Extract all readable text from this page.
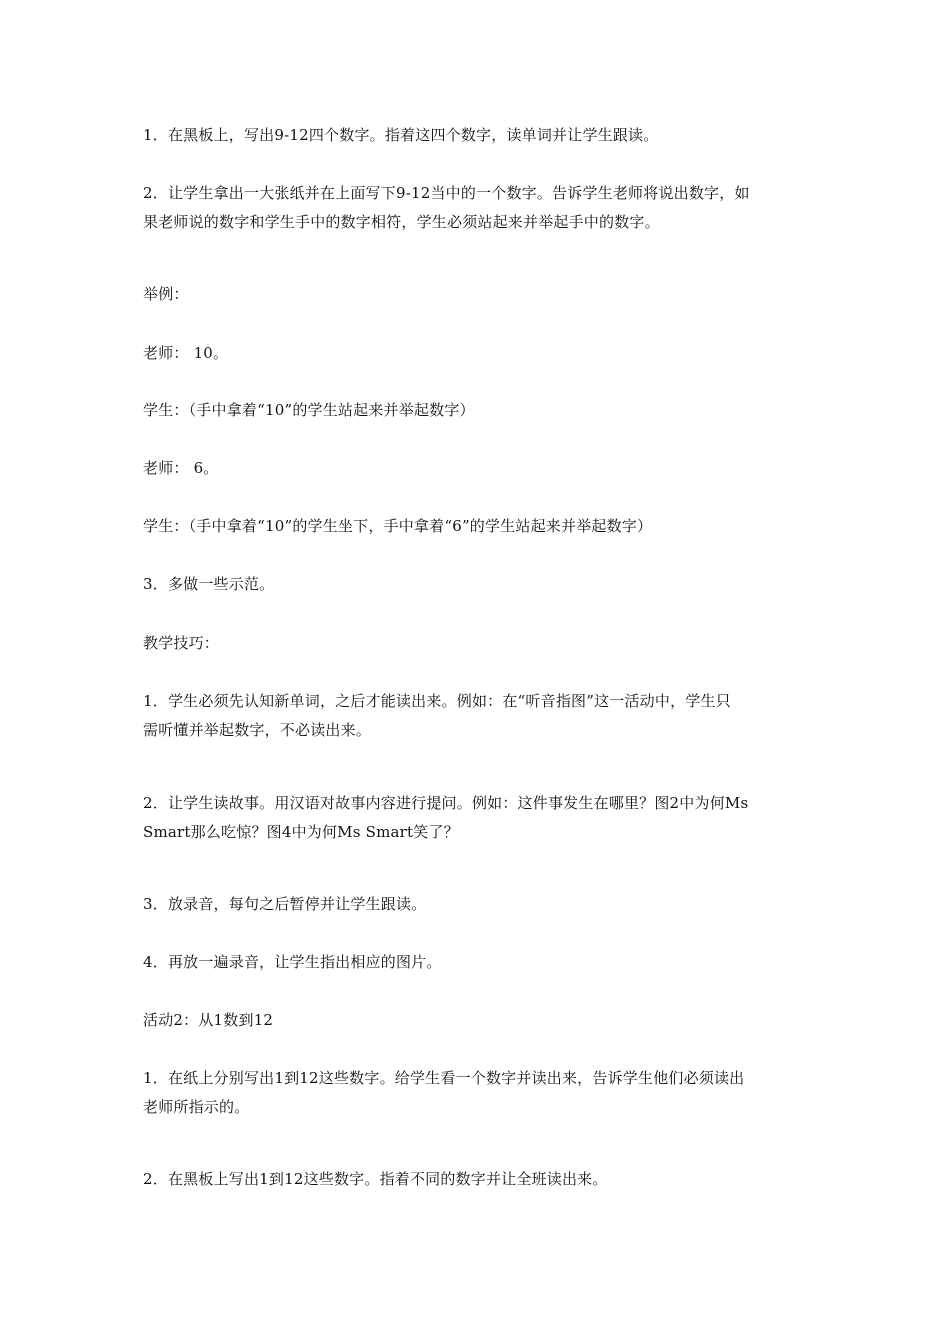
1．在黑板上，写出9-12四个数字。指着这四个数字，读单词并让学生跟读。
2．让学生拿出一大张纸并在上面写下9-12当中的一个数字。告诉学生老师将说出数字，如
果老师说的数字和学生手中的数字相符，学生必须站起来并举起手中的数字。
举例：
老师： 10。
学生：（手中拿着“10”的学生站起来并举起数字）
老师： 6。
学生：（手中拿着“10”的学生坐下，手中拿着“6”的学生站起来并举起数字）
3．多做一些示范。
教学技巧：
1．学生必须先认知新单词，之后才能读出来。例如：在“听音指图”这一活动中，学生只
需听懂并举起数字，不必读出来。
2．让学生读故事。用汉语对故事内容进行提问。例如：这件事发生在哪里？图2中为何Ms
Smart那么吃惊？图4中为何Ms Smart笑了？
3．放录音，每句之后暂停并让学生跟读。
4．再放一遍录音，让学生指出相应的图片。
活动2：从1数到12
1．在纸上分别写出1到12这些数字。给学生看一个数字并读出来，告诉学生他们必须读出
老师所指示的。
2．在黑板上写出1到12这些数字。指着不同的数字并让全班读出来。
